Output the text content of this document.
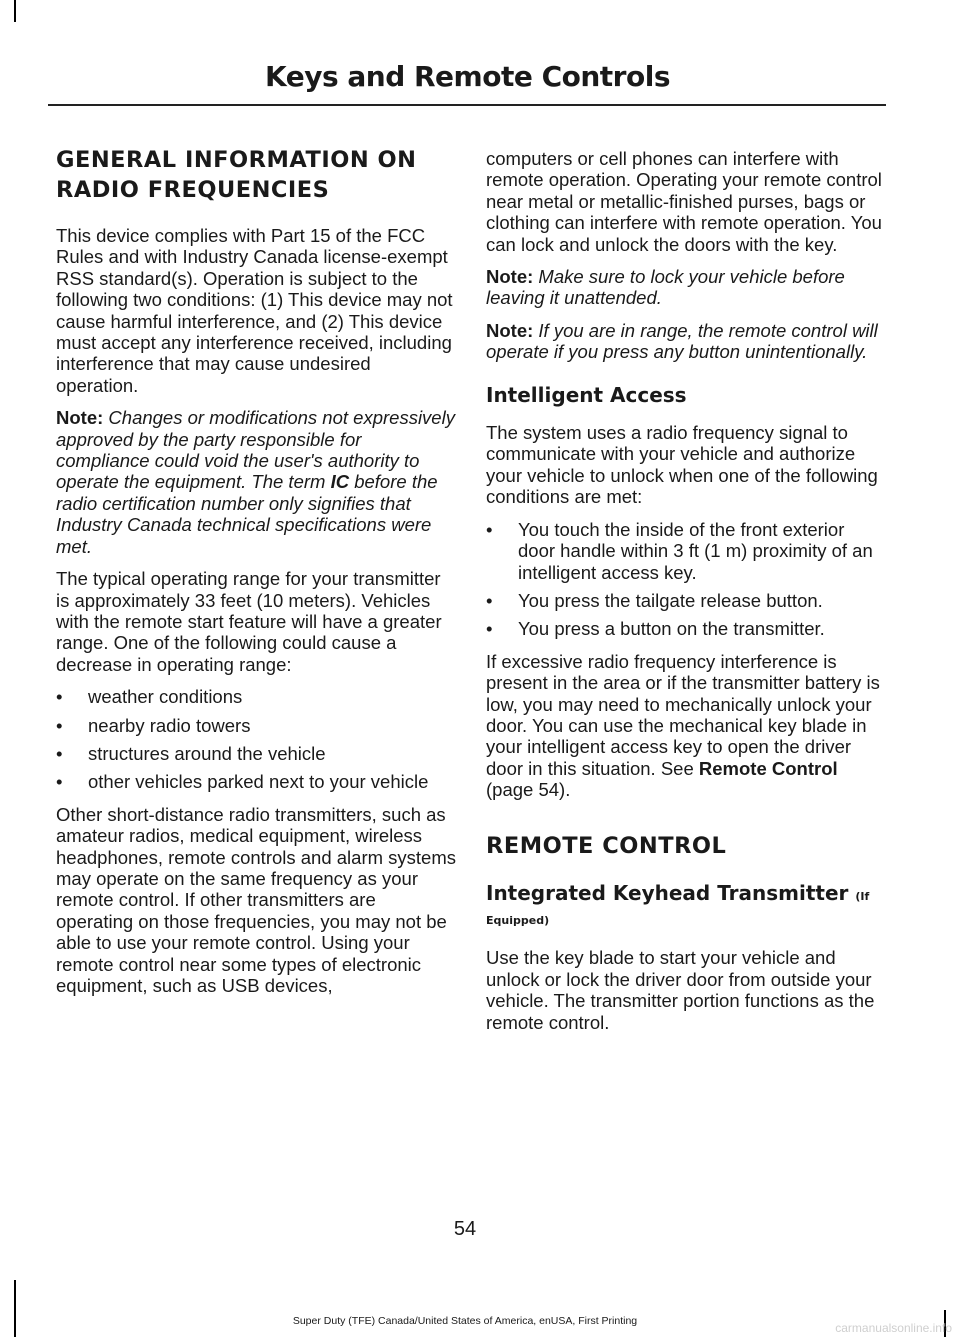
Keys and Remote Controls
GENERAL INFORMATION ON
RADIO FREQUENCIES

This device complies with Part 15 of the FCC Rules and with Industry Canada license-exempt RSS standard(s). Operation is subject to the following two conditions: (1) This device may not cause harmful interference, and (2) This device must accept any interference received, including interference that may cause undesired operation.

Note: Changes or modifications not expressively approved by the party responsible for compliance could void the user's authority to operate the equipment. The term IC before the radio certification number only signifies that Industry Canada technical specifications were met.

The typical operating range for your transmitter is approximately 33 feet (10 meters). Vehicles with the remote start feature will have a greater range. One of the following could cause a decrease in operating range:

• weather conditions
• nearby radio towers
• structures around the vehicle
• other vehicles parked next to your vehicle

Other short-distance radio transmitters, such as amateur radios, medical equipment, wireless headphones, remote controls and alarm systems may operate on the same frequency as your remote control. If other transmitters are operating on those frequencies, you may not be able to use your remote control. Using your remote control near some types of electronic equipment, such as USB devices,

computers or cell phones can interfere with remote operation. Operating your remote control near metal or metallic-finished purses, bags or clothing can interfere with remote operation. You can lock and unlock the doors with the key.

Note: Make sure to lock your vehicle before leaving it unattended.

Note: If you are in range, the remote control will operate if you press any button unintentionally.

Intelligent Access

The system uses a radio frequency signal to communicate with your vehicle and authorize your vehicle to unlock when one of the following conditions are met:

• You touch the inside of the front exterior door handle within 3 ft (1 m) proximity of an intelligent access key.
• You press the tailgate release button.
• You press a button on the transmitter.

If excessive radio frequency interference is present in the area or if the transmitter battery is low, you may need to mechanically unlock your door. You can use the mechanical key blade in your intelligent access key to open the driver door in this situation. See Remote Control (page 54).

REMOTE CONTROL
Integrated Keyhead Transmitter (If Equipped)

Use the key blade to start your vehicle and unlock or lock the driver door from outside your vehicle. The transmitter portion functions as the remote control.

54
Super Duty (TFE) Canada/United States of America, enUSA, First Printing	carmanualsonline.info
